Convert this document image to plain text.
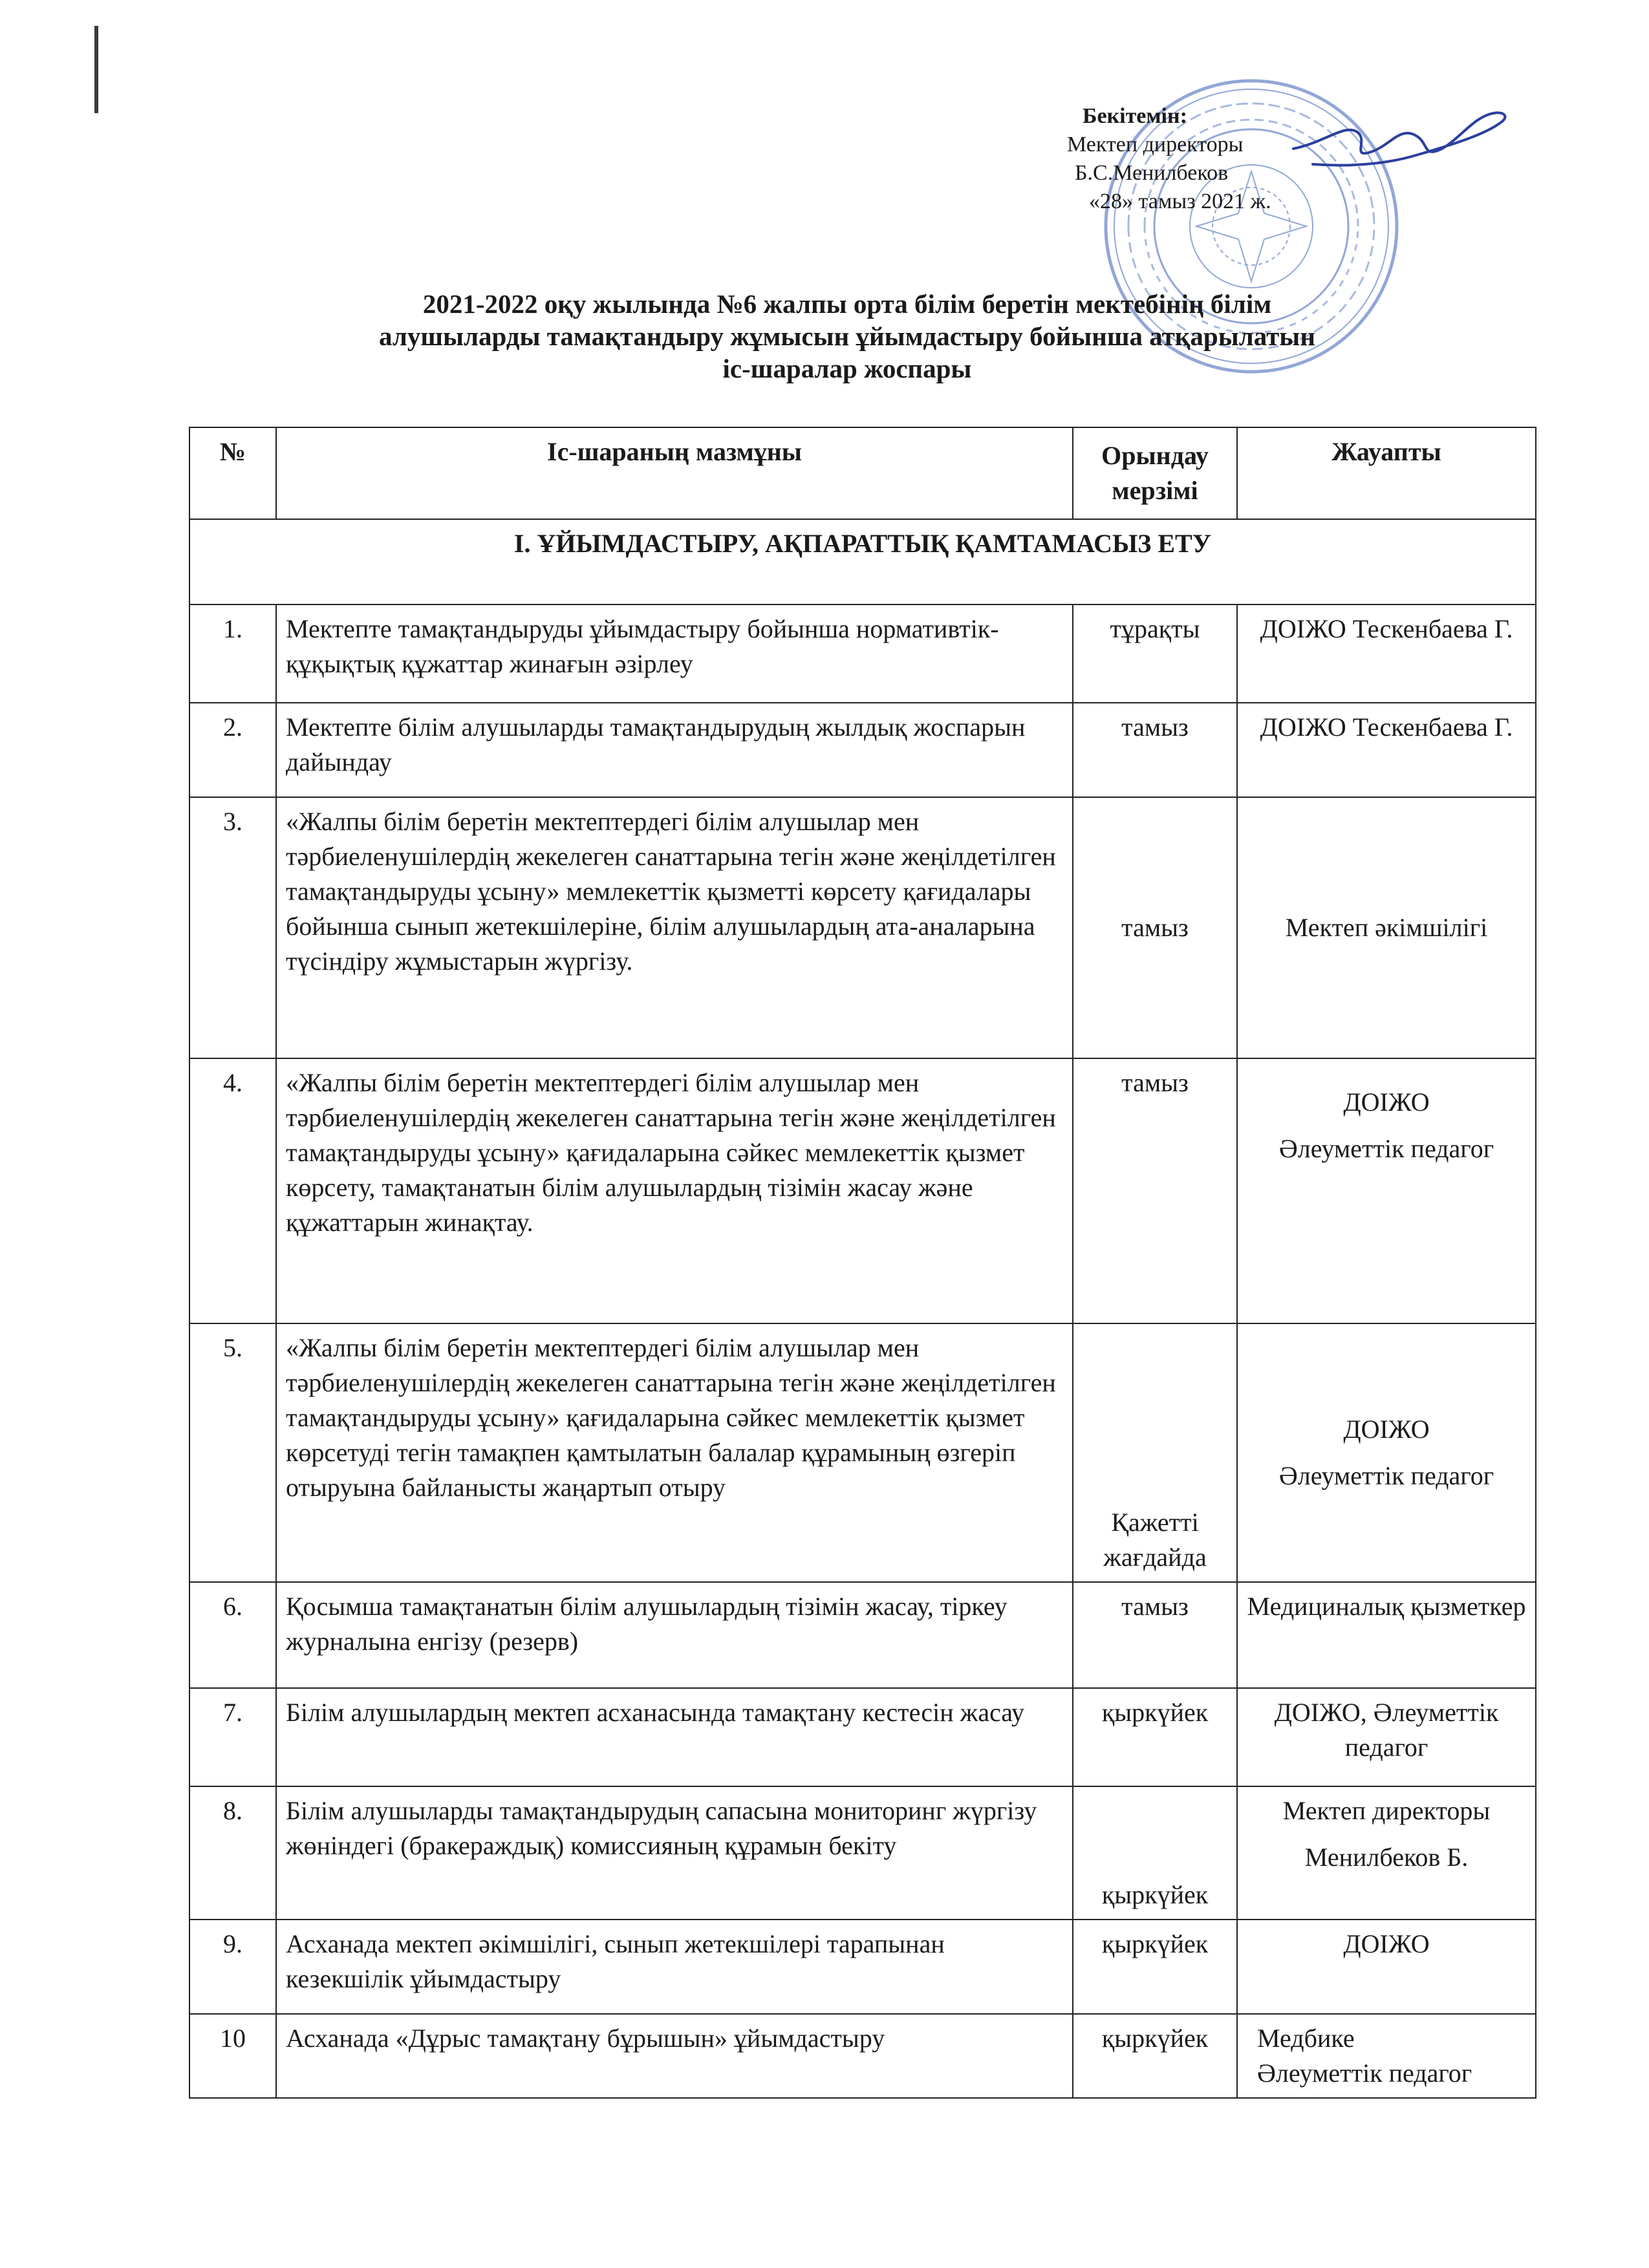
Бекітемін:
Мектеп директоры
Б.С.Менилбеков
«28» тамыз 2021 ж.
2021-2022 оқу жылында №6 жалпы орта білім беретін мектебінің білім
алушыларды тамақтандыру жұмысын ұйымдастыру бойынша атқарылатын
іс-шаралар жоспары
№	Іс-шараның мазмұны	Орындау мерзімі	Жауапты
І. ҰЙЫМДАСТЫРУ, АҚПАРАТТЫҚ ҚАМТАМАСЫЗ ЕТУ			
1.	Мектепте тамақтандыруды ұйымдастыру бойынша нормативтік-құқықтық құжаттар жинағын әзірлеу	тұрақты	ДОІЖО Тескенбаева Г.

2.	Мектепте білім алушыларды тамақтандырудың жылдық жоспарын дайындау	тамыз	ДОІЖО Тескенбаева Г.

3.	«Жалпы білім беретін мектептердегі білім алушылар мен тәрбиеленушілердің жекелеген санаттарына тегін және жеңілдетілген тамақтандыруды ұсыну» мемлекеттік қызметті көрсету қағидалары бойынша сынып жетекшілеріне, білім алушылардың ата-аналарына түсіндіру жұмыстарын жүргізу.	тамыз	Мектеп әкімшілігі

4.	«Жалпы білім беретін мектептердегі білім алушылар мен тәрбиеленушілердің жекелеген санаттарына тегін және жеңілдетілген тамақтандыруды ұсыну» қағидаларына сәйкес мемлекеттік қызмет көрсету, тамақтанатын білім алушылардың тізімін жасау және құжаттарын жинақтау.	тамыз	ДОІЖО

Әлеуметтік педагог

5.	«Жалпы білім беретін мектептердегі білім алушылар мен тәрбиеленушілердің жекелеген санаттарына тегін және жеңілдетілген тамақтандыруды ұсыну» қағидаларына сәйкес мемлекеттік қызмет көрсетуді тегін тамақпен қамтылатын балалар құрамының өзгеріп отыруына байланысты жаңартып отыру	Қажетті жағдайда	ДОІЖО

Әлеуметтік педагог

6.	Қосымша тамақтанатын білім алушылардың тізімін жасау, тіркеу журналына енгізу (резерв)	тамыз	Медициналық қызметкер

7.	Білім алушылардың мектеп асханасында тамақтану кестесін жасау	қыркүйек	ДОІЖО, Әлеуметтік педагог

8.	Білім алушыларды тамақтандырудың сапасына мониторинг жүргізу жөніндегі (бракераждық) комиссияның құрамын бекіту	қыркүйек	Мектеп директоры

Менилбеков Б.

9.	Асханада мектеп әкімшілігі, сынып жетекшілері тарапынан кезекшілік ұйымдастыру	қыркүйек	ДОІЖО

10	Асханада «Дұрыс тамақтану бұрышын» ұйымдастыру	қыркүйек	Медбике

Әлеуметтік педагог
